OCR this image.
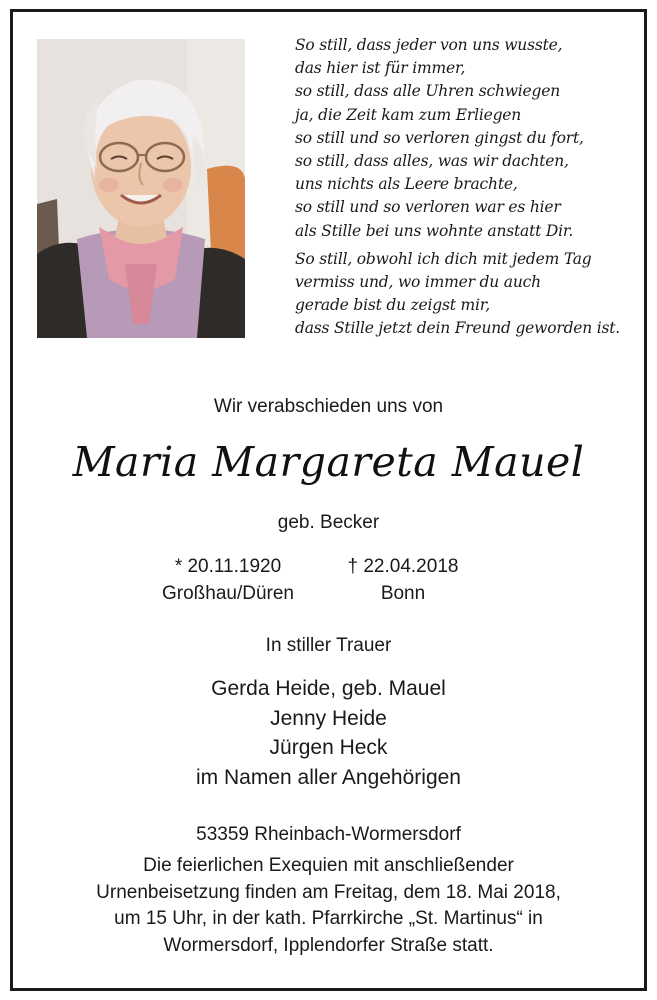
So still, dass jeder von uns wusste,
das hier ist für immer,
so still, dass alle Uhren schwiegen
ja, die Zeit kam zum Erliegen
so still und so verloren gingst du fort,
so still, dass alles, was wir dachten,
uns nichts als Leere brachte,
so still und so verloren war es hier
als Stille bei uns wohnte anstatt Dir.
So still, obwohl ich dich mit jedem Tag
vermiss und, wo immer du auch
gerade bist du zeigst mir,
dass Stille jetzt dein Freund geworden ist.
Wir verabschieden uns von
Maria Margareta Mauel
geb. Becker
* 20.11.1920
Großhau/Düren
† 22.04.2018
Bonn
In stiller Trauer
Gerda Heide, geb. Mauel
Jenny Heide
Jürgen Heck
im Namen aller Angehörigen
53359 Rheinbach-Wormersdorf
Die feierlichen Exequien mit anschließender
Urnenbeisetzung finden am Freitag, dem 18. Mai 2018,
um 15 Uhr, in der kath. Pfarrkirche „St. Martinus“ in
Wormersdorf, Ipplendorfer Straße statt.
